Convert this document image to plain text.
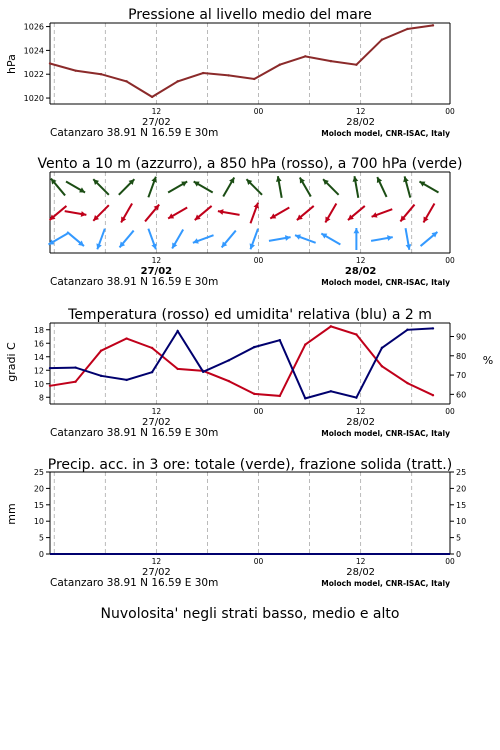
Pressione al livello medio del mare
hPa
12	00	12	00
27/02	28/02
Catanzaro 38.91 N 16.59 E 30m	Moloch model, CNR-ISAC, Italy
1020
1022
1024
1026
Vento a 10 m (azzurro), a 850 hPa (rosso), a 700 hPa (verde)
12	00	12	00
27/02	28/02
Catanzaro 38.91 N 16.59 E 30m	Moloch model, CNR-ISAC, Italy
Temperatura (rosso) ed umidita' relativa (blu) a 2 m
gradi C	%
12	00	12	00
27/02	28/02
Catanzaro 38.91 N 16.59 E 30m	Moloch model, CNR-ISAC, Italy
8
10
12
14
16
18
60
70
80
90
Precip. acc. in 3 ore: totale (verde), frazione solida (tratt.)
mm
12	00	12	00
27/02	28/02
Catanzaro 38.91 N 16.59 E 30m	Moloch model, CNR-ISAC, Italy
0
5
10
15
20
25
0
5
10
15
20
25
Nuvolosita' negli strati basso, medio e alto
